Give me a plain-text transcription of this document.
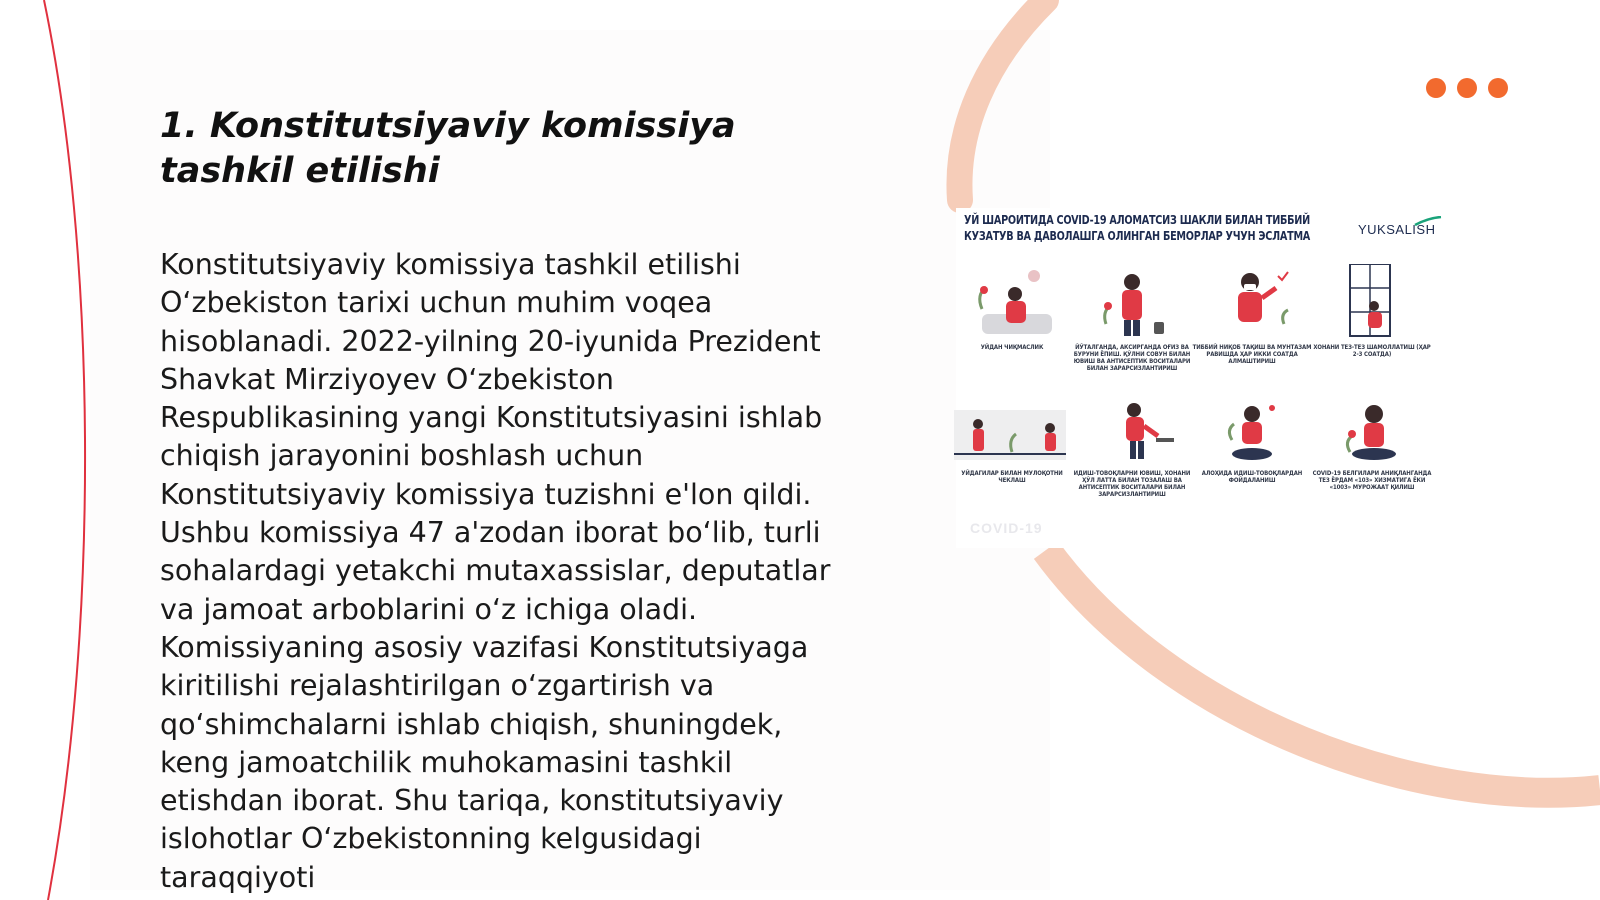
1. Konstitutsiyaviy komissiya tashkil etilishi

Konstitutsiyaviy komissiya tashkil etilishi O‘zbekiston tarixi uchun muhim voqea hisoblanadi. 2022-yilning 20-iyunida Prezident Shavkat Mirziyoyev O‘zbekiston Respublikasining yangi Konstitutsiyasini ishlab chiqish jarayonini boshlash uchun Konstitutsiyaviy komissiya tuzishni e'lon qildi. Ushbu komissiya 47 a'zodan iborat bo‘lib, turli sohalardagi yetakchi mutaxassislar, deputatlar va jamoat arboblarini o‘z ichiga oladi. Komissiyaning asosiy vazifasi Konstitutsiyaga kiritilishi rejalashtirilgan o‘zgartirish va qo‘shimchalarni ishlab chiqish, shuningdek, keng jamoatchilik muhokamasini tashkil etishdan iborat. Shu tariqa, konstitutsiyaviy islohotlar O‘zbekistonning kelgusidagi taraqqiyoti

УЙ ШАРОИТИДА COVID-19 АЛОМАТСИЗ ШАКЛИ БИЛАН ТИББИЙ
КУЗАТУВ ВА ДАВОЛАШГА ОЛИНГАН БЕМОРЛАР УЧУН ЭСЛАТМА	YUKSALISH
УЙДАН ЧИҚМАСЛИК	ЙЎТАЛГАНДА, АКСИРГАНДА ОҒИЗ ВА БУРУНИ ЁПИШ. ҚЎЛНИ СОВУН БИЛАН ЮВИШ ВА АНТИСЕПТИК ВОСИТАЛАРИ БИЛАН ЗАРАРСИЗЛАНТИРИШ
ТИББИЙ НИҚОБ ТАҚИШ ВА МУНТАЗАМ РАВИШДА ҲАР ИККИ СОАТДА АЛМАШТИРИШ
ХОНАНИ ТЕЗ-ТЕЗ ШАМОЛЛАТИШ (ҲАР 2-3 СОАТДА)
УЙДАГИЛАР БИЛАН МУЛОҚОТНИ ЧЕКЛАШ
ИДИШ-ТОВОҚЛАРНИ ЮВИШ, ХОНАНИ ҲЎЛ ЛАТТА БИЛАН ТОЗАЛАШ ВА АНТИСЕПТИК ВОСИТАЛАРИ БИЛАН ЗАРАРСИЗЛАНТИРИШ
АЛОҲИДА ИДИШ-ТОВОҚЛАРДАН ФОЙДАЛАНИШ
COVID-19 БЕЛГИЛАРИ АНИҚЛАНГАНДА ТЕЗ ЁРДАМ «103» ХИЗМАТИГА ЁКИ «1003» МУРОЖААТ ҚИЛИШ
COVID-19
